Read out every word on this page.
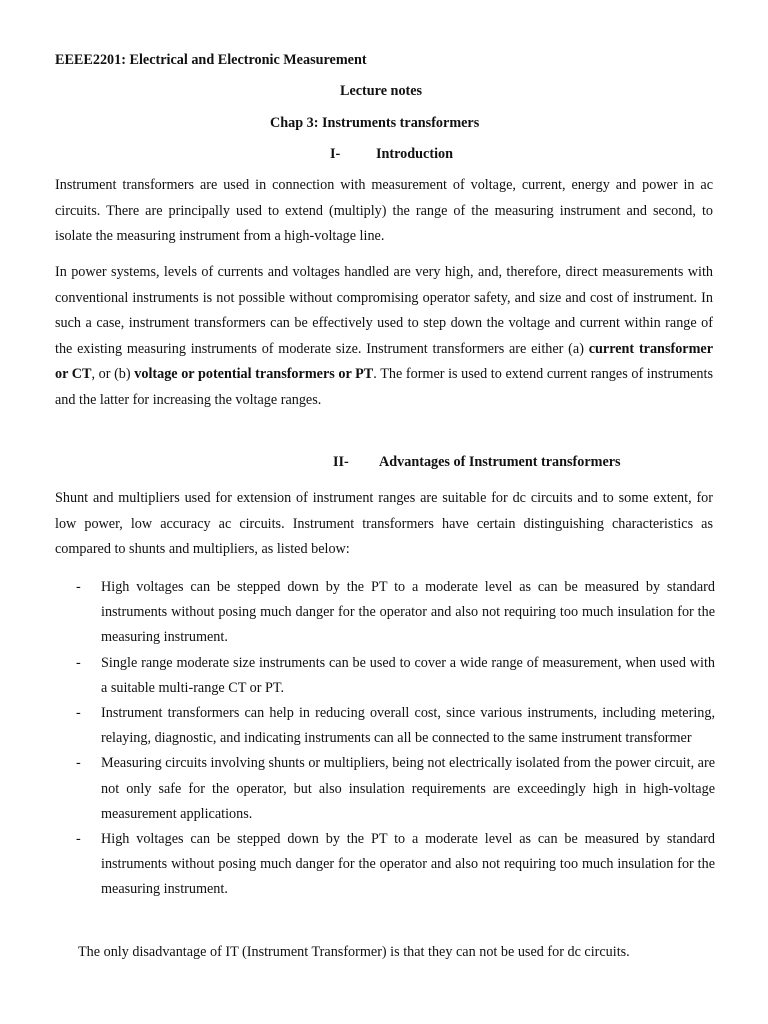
EEEE2201: Electrical and Electronic Measurement
Lecture notes
Chap 3: Instruments transformers
I-	Introduction
Instrument transformers are used in connection with measurement of voltage, current, energy and power in ac circuits. There are principally used to extend (multiply) the range of the measuring instrument and second, to isolate the measuring instrument from a high-voltage line.
In power systems, levels of currents and voltages handled are very high, and, therefore, direct measurements with conventional instruments is not possible without compromising operator safety, and size and cost of instrument. In such a case, instrument transformers can be effectively used to step down the voltage and current within range of the existing measuring instruments of moderate size. Instrument transformers are either (a) current transformer or CT, or (b) voltage or potential transformers or PT. The former is used to extend current ranges of instruments and the latter for increasing the voltage ranges.
II- Advantages of Instrument transformers
Shunt and multipliers used for extension of instrument ranges are suitable for dc circuits and to some extent, for low power, low accuracy ac circuits. Instrument transformers have certain distinguishing characteristics as compared to shunts and multipliers, as listed below:
- High voltages can be stepped down by the PT to a moderate level as can be measured by standard instruments without posing much danger for the operator and also not requiring too much insulation for the measuring instrument.
- Single range moderate size instruments can be used to cover a wide range of measurement, when used with a suitable multi-range CT or PT.
- Instrument transformers can help in reducing overall cost, since various instruments, including metering, relaying, diagnostic, and indicating instruments can all be connected to the same instrument transformer
- Measuring circuits involving shunts or multipliers, being not electrically isolated from the power circuit, are not only safe for the operator, but also insulation requirements are exceedingly high in high-voltage measurement applications.
- High voltages can be stepped down by the PT to a moderate level as can be measured by standard instruments without posing much danger for the operator and also not requiring too much insulation for the measuring instrument.
The only disadvantage of IT (Instrument Transformer) is that they can not be used for dc circuits.
